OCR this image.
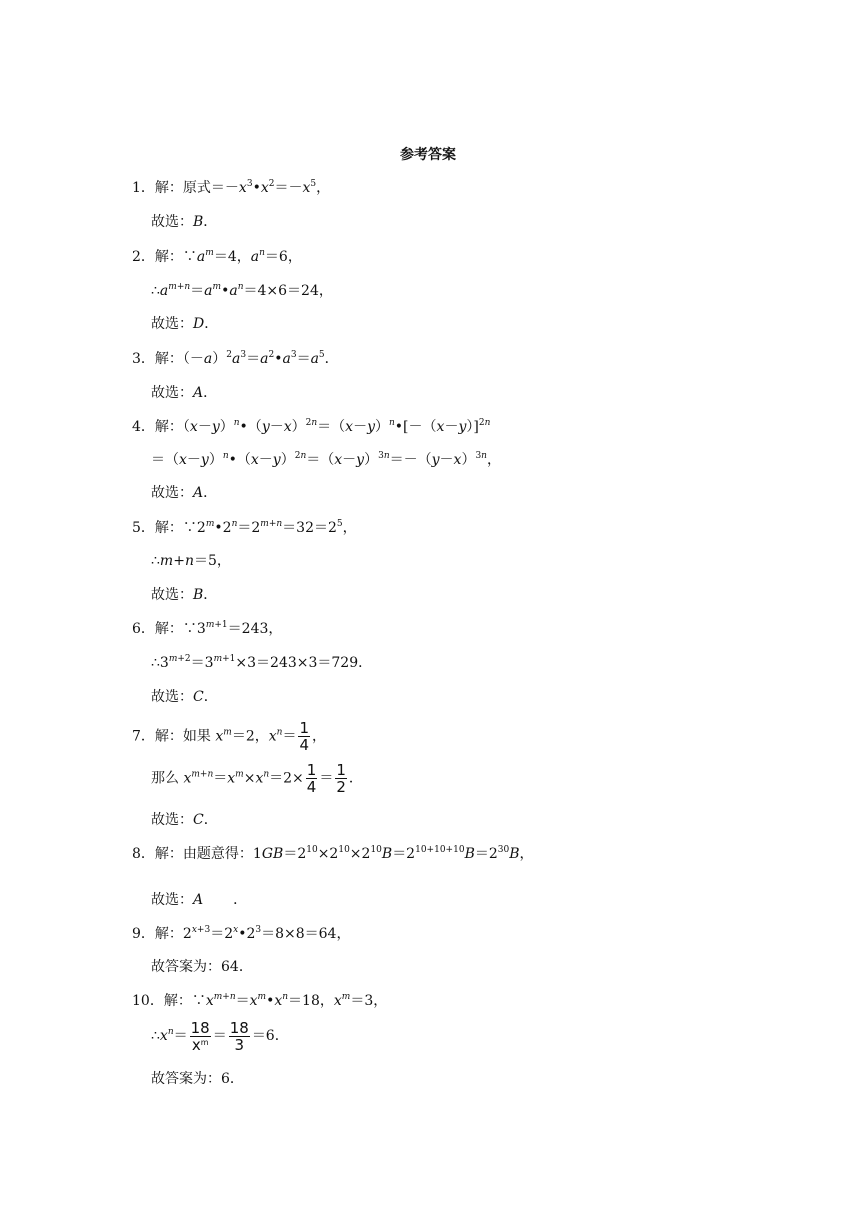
参考答案
1．解：原式$=-x^3•x^2=-x^5$，
故选：B．
2．解：$\because a^m=4$，$a^n=6$，
$\therefore a^{m+n}=a^m•a^n=4\times 6=24$，
故选：D．
3．解：$(-a)^2a^3=a^2•a^3=a^5$．
故选：A．
4．解：$(x-y)^n•(y-x)^{2n}=(x-y)^n•[-(x-y)]^{2n}$
$=(x-y)^n•(x-y)^{2n}=(x-y)^{3n}=-(y-x)^{3n}$，
故选：A．
5．解：$\because 2^m•2^n=2^{m+n}=32=2^5$，
∴m+n＝5，
故选：B．
6．解：$\because 3^{m+1}=243$，
$\therefore 3^{m+2}=3^{m+1}\times 3=243\times 3=729$．
故选：C．
7．解：如果 $x^m=2$，$x^n= \frac{1}{4}$ ，
那么 $x^{m+n}=x^m\times x^n=2\times \frac{1}{4} = \frac{1}{2}$ ．
故选：C．
8．解：由题意得：$1GB=2^{10}\times 2^{10}\times 2^{10}B=2^{10+10+10}B=2^{30}B$，
故选：A ．
9．解：$2^{x+3}=2^x•2^3=8\times 8=64$，
故答案为：64．
10．解：$\because x^{m+n}=x^m•x^n=18$，$x^m=3$，
$\therefore x^n= \frac{18}{x^m} = \frac{18}{3} =6$．
故答案为：6．
